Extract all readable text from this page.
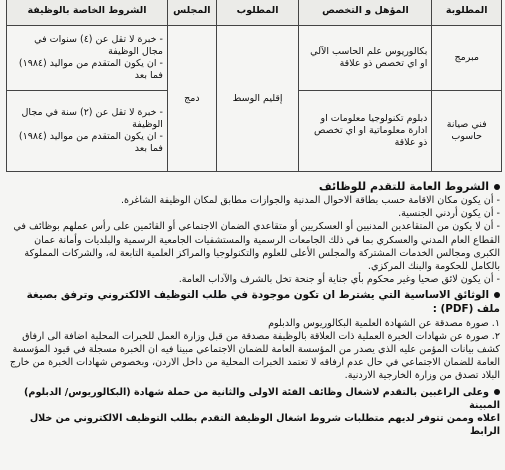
المطلوبة	المؤهل و التخصص	المطلوب	المجلس	الشروط الخاصة بالوظيفة
مبرمج	بكالوريوس علم الحاسب الآلي او اي تخصص ذو علاقة	إقليم الوسط	دمج	- خبرة لا تقل عن (٤) سنوات في مجال الوظيفة
- ان يكون المتقدم من مواليد (١٩٨٤) فما بعد

فني صيانة حاسوب	دبلوم تكنولوجيا معلومات او ادارة معلوماتية او اي تخصص ذو علاقة			- خبرة لا تقل عن (٢) سنة في مجال الوظيفة
- ان يكون المتقدم من مواليد (١٩٨٤) فما بعد

الشروط العامة للتقدم للوظائف

- أن يكون مكان الاقامة حسب بطاقة الاحوال المدنية والجوازات مطابق لمكان الوظيفة الشاغرة.

- أن يكون أردني الجنسية.

- أن لا يكون من المتقاعدين المدنيين أو العسكريين أو متقاعدي الضمان الاجتماعي أو القائمين على رأس عملهم بوظائف في القطاع العام المدني والعسكري بما في ذلك الجامعات الرسمية والمستشفيات الجامعية الرسمية والبلديات وأمانة عمان الكبرى ومجالس الخدمات المشتركة والمجلس الأعلى للعلوم والتكنولوجيا والمراكز العلمية التابعة له، والشركات المملوكة بالكامل للحكومة والبنك المركزي.

- أن يكون لائق صحيا وغير محكوم بأي جناية أو جنحة تخل بالشرف والآداب العامة.

الوثائق الاساسية التي يشترط ان تكون موجودة في طلب التوظيف الالكتروني وترفق بصيغة ملف (PDF) :

١. صورة مصدقة عن الشهادة العلمية البكالوريوس والدبلوم

٢. صورة عن شهادات الخبرة العملية ذات العلاقة بالوظيفة مصدقة من قبل وزارة العمل للخبرات المحلية اضافة الى ارفاق كشف بيانات المؤمن عليه الذي يصدر من المؤسسة العامة للضمان الاجتماعي مبينا فيه ان الخبرة مسجلة في قيود المؤسسة العامة للضمان الاجتماعي في حال عدم ارفاقه لا تعتمد الخبرات المحلية من داخل الاردن، وبخصوص شهادات الخبرة من خارج البلاد تصدق من وزارة الخارجية الاردنية.

وعلى الراغبين بالتقدم لاشغال وظائف الفئة الاولى والثانية من حملة شهادة (البكالوريوس/ الدبلوم) المبينة

اعلاه وممن تتوفر لديهم متطلبات شروط اشغال الوظيفة التقدم بطلب التوظيف الالكتروني من خلال الرابط
